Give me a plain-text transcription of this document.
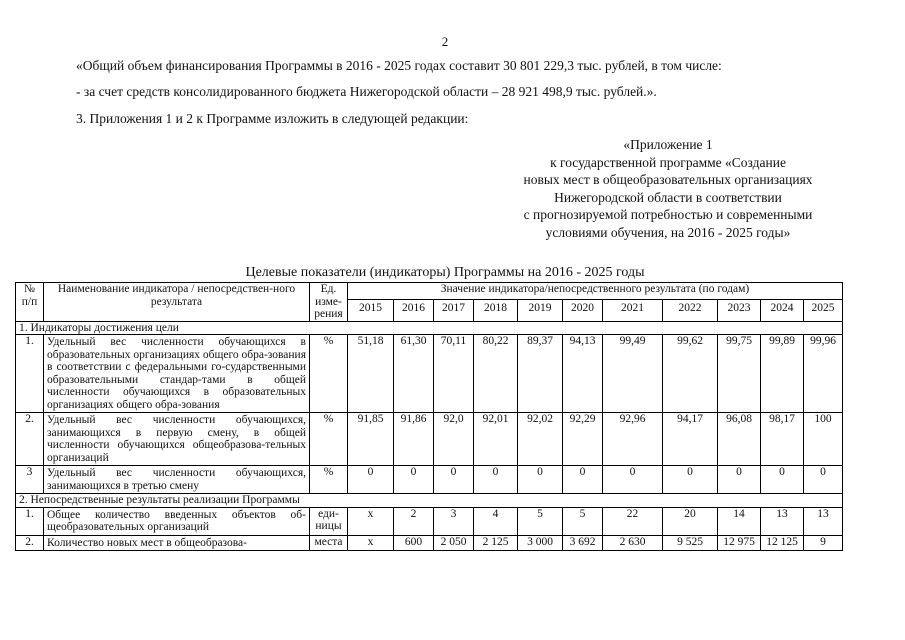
2
«Общий объем финансирования Программы в 2016 - 2025 годах составит 30 801 229,3 тыс. рублей, в том числе:
- за счет средств консолидированного бюджета Нижегородской области – 28 921 498,9 тыс. рублей.».
3. Приложения 1 и 2 к Программе изложить в следующей редакции:
«Приложение 1
к государственной программе «Создание
новых мест в общеобразовательных организациях
Нижегородской области в соответствии
с прогнозируемой потребностью и современными
условиями обучения, на 2016 - 2025 годы»
Целевые показатели (индикаторы) Программы на 2016 - 2025 годы
№ п/п	Наименование индикатора / непосредствен-ного результата	Ед. изме-рения	Значение индикатора/непосредственного результата (по годам)										
			2015	2016	2017	2018	2019	2020	2021	2022	2023	2024	2025
1. Индикаторы достижения цели													
1.	Удельный вес численности обучающихся в образовательных организациях общего обра-зования в соответствии с федеральными го-сударственными образовательными стандар-тами в общей численности обучающихся в образовательных организациях общего обра-зования	%	51,18	61,30	70,11	80,22	89,37	94,13	99,49	99,62	99,75	99,89	99,96
2.	Удельный вес численности обучающихся, занимающихся в первую смену, в общей численности обучающихся общеобразова-тельных организаций	%	91,85	91,86	92,0	92,01	92,02	92,29	92,96	94,17	96,08	98,17	100
3	Удельный вес численности обучающихся, занимающихся в третью смену	%	0	0	0	0	0	0	0	0	0	0	0
2. Непосредственные результаты реализации Программы													
1.	Общее количество введенных объектов об-щеобразовательных организаций	еди-ницы	х	2	3	4	5	5	22	20	14	13	13
2.	Количество новых мест в общеобразова-	места	х	600	2 050	2 125	3 000	3 692	2 630	9 525	12 975	12 125	9
